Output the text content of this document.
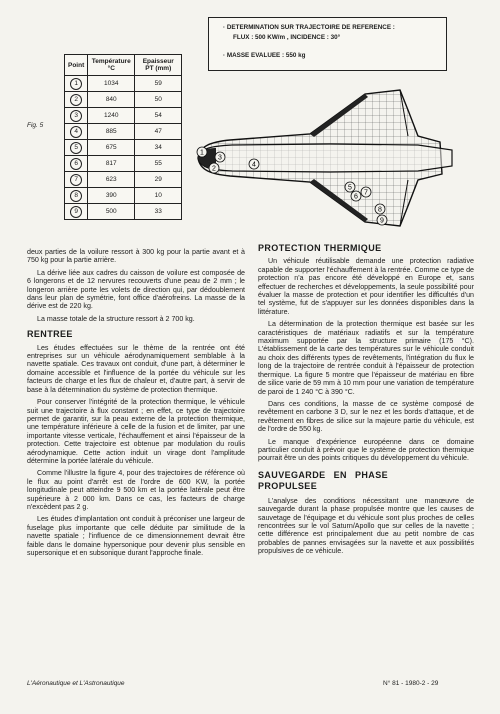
· DETERMINATION SUR TRAJECTOIRE DE REFERENCE :

FLUX : 500 KW/m , INCIDENCE : 30°

· MASSE EVALUEE : 550 kg

Point	Température °C	Epaisseur PT (mm)
1	1034	59
2	840	50
3	1240	54
4	885	47
5	675	34
6	817	55
7	623	29
8	390	10
9	500	33
Fig. 5
1
2
3
4
5
6
7
8
9

deux parties de la voilure ressort à 300 kg pour la partie avant et à 750 kg pour la partie arrière.

La dérive liée aux cadres du caisson de voilure est composée de 6 longerons et de 12 nervures recouverts d'une peau de 2 mm ; le longeron arrière porte les volets de direction qui, par dédoublement dans leur plan de symétrie, font office d'aérofreins. La masse de la dérive est de 220 kg.

La masse totale de la structure ressort à 2 700 kg.

RENTREE

Les études effectuées sur le thème de la rentrée ont été entreprises sur un véhicule aérodynamiquement semblable à la navette spatiale. Ces travaux ont conduit, d'une part, à déterminer le domaine accessible et l'influence de la portée du véhicule sur les facteurs de charge et les flux de chaleur et, d'autre part, à servir de base à la détermination du système de protection thermique.

Pour conserver l'intégrité de la protection thermique, le véhicule suit une trajectoire à flux constant ; en effet, ce type de trajectoire permet de garantir, sur la peau externe de la protection thermique, une température inférieure à celle de la fusion et de limiter, par une importante vitesse verticale, l'échauffement et ainsi l'épaisseur de la protection. Cette trajectoire est obtenue par modulation du roulis aérodynamique. Cette action induit un virage dont l'amplitude détermine la portée latérale du véhicule.

Comme l'illustre la figure 4, pour des trajectoires de référence où le flux au point d'arrêt est de l'ordre de 600 KW, la portée longitudinale peut atteindre 9 500 km et la portée latérale peut être supérieure à 2 000 km. Dans ce cas, les facteurs de charge n'excèdent pas 2 g.

Les études d'implantation ont conduit à préconiser une largeur de fuselage plus importante que celle déduite par similitude de la navette spatiale ; l'influence de ce dimensionnement devrait être faible dans le domaine hypersonique pour devenir plus sensible en supersonique et en subsonique durant l'approche finale.

PROTECTION THERMIQUE

Un véhicule réutilisable demande une protection radiative capable de supporter l'échauffement à la rentrée. Comme ce type de protection n'a pas encore été développé en Europe et, sans effectuer de recherches et développements, la seule possibilité pour évaluer la masse de protection et pour identifier les difficultés d'un tel système, fut de s'appuyer sur les données disponibles dans la littérature.

La détermination de la protection thermique est basée sur les caractéristiques de matériaux radiatifs et sur la température maximum supportée par la structure primaire (175 °C). L'établissement de la carte des températures sur le véhicule conduit au choix des différents types de revêtements, l'intégration du flux le long de la trajectoire de rentrée conduit à l'épaisseur de protection thermique. La figure 5 montre que l'épaisseur de matériau en fibre de silice varie de 59 mm à 10 mm pour une variation de température de paroi de 1 240 °C à 390 °C.

Dans ces conditions, la masse de ce système composé de revêtement en carbone 3 D, sur le nez et les bords d'attaque, et de revêtement en fibres de silice sur la majeure partie du véhicule, est de l'ordre de 550 kg.

Le manque d'expérience européenne dans ce domaine particulier conduit à prévoir que le système de protection thermique pourrait être un des points critiques du développement du véhicule.

SAUVEGARDE EN PHASE PROPULSEE

L'analyse des conditions nécessitant une manœuvre de sauvegarde durant la phase propulsée montre que les causes de sauvetage de l'équipage et du véhicule sont plus proches de celles rencontrées sur le vol Saturn/Apollo que sur celles de la navette ; cette différence est principalement due au petit nombre de cas probables de pannes envisagées sur la navette et aux possibilités propulsives de ce véhicule.

L'Aéronautique et L'Astronautique	N° 81 - 1980-2 - 29
